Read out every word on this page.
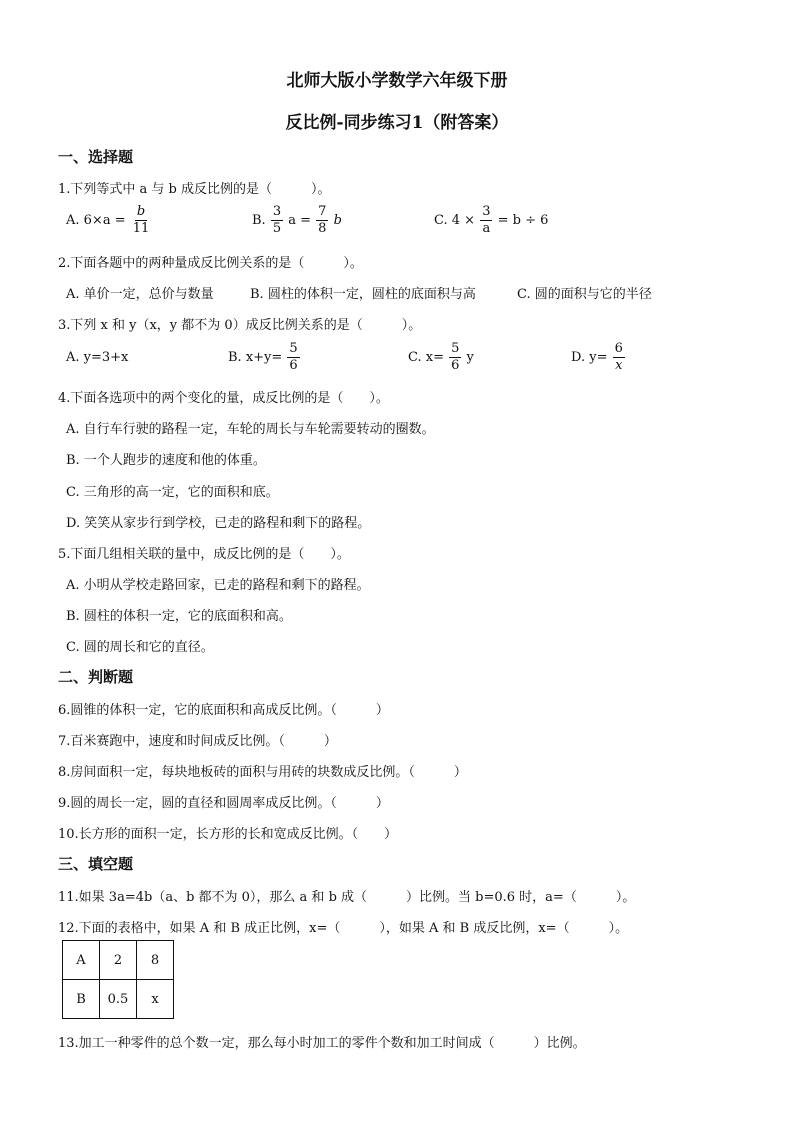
北师大版小学数学六年级下册
反比例-同步练习1（附答案）
一、选择题
1.下列等式中 a 与 b 成反比例的是（　　　）。
A. $6\times a = \frac{b}{11}$	B. $\frac{3}{5}$ $a = \frac{7}{8}$ b	C. $4 \times \frac{3}{a} = b \div 6$
2.下面各题中的两种量成反比例关系的是（　　　）。
A. 单价一定，总价与数量	B. 圆柱的体积一定，圆柱的底面积与高	C. 圆的面积与它的半径
3.下列 x 和 y（x，y 都不为 0）成反比例关系的是（　　　）。
A. y=3+x	B. $x+y= \frac{5}{6}$	C. $x= \frac{5}{6}$ y	D. $y= \frac{6}{x}$
4.下面各选项中的两个变化的量，成反比例的是（　　）。
A. 自行车行驶的路程一定，车轮的周长与车轮需要转动的圈数。
B. 一个人跑步的速度和他的体重。
C. 三角形的高一定，它的面积和底。
D. 笑笑从家步行到学校，已走的路程和剩下的路程。
5.下面几组相关联的量中，成反比例的是（　　）。
A. 小明从学校走路回家，已走的路程和剩下的路程。
B. 圆柱的体积一定，它的底面积和高。
C. 圆的周长和它的直径。
二、判断题
6.圆锥的体积一定，它的底面积和高成反比例。（　　　）
7.百米赛跑中，速度和时间成反比例。（　　　）
8.房间面积一定，每块地板砖的面积与用砖的块数成反比例。（　　　）
9.圆的周长一定，圆的直径和圆周率成反比例。（　　　）
10.长方形的面积一定，长方形的长和宽成反比例。（　　）
三、填空题
11.如果 3a=4b（a、b 都不为 0），那么 a 和 b 成（　　　）比例。当 b=0.6 时，a=（　　　）。
12.下面的表格中，如果 A 和 B 成正比例，x=（　　　），如果 A 和 B 成反比例，x=（　　　）。
A	2	8
B	0.5	x
13.加工一种零件的总个数一定，那么每小时加工的零件个数和加工时间成（　　　）比例。
